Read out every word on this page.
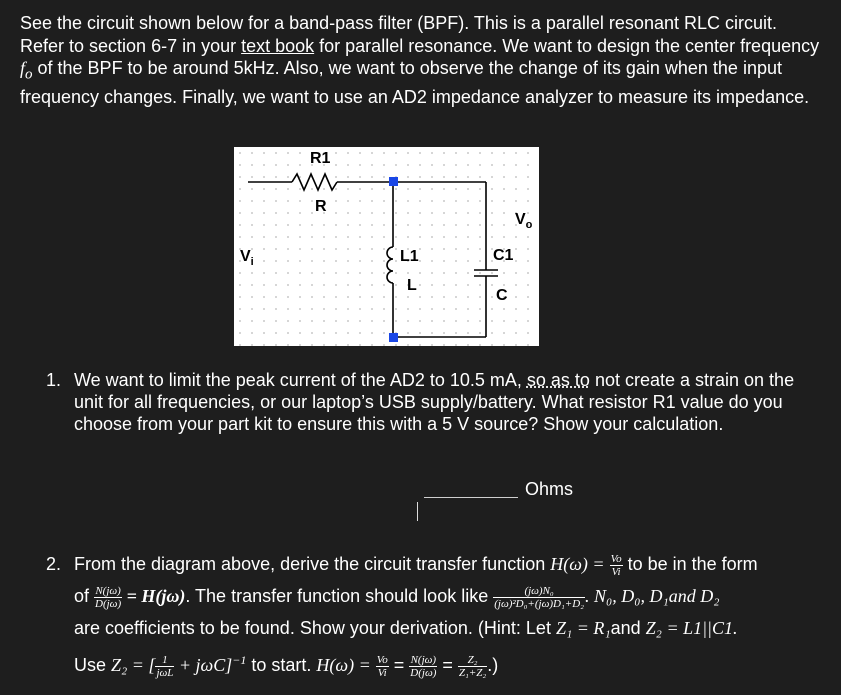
See the circuit shown below for a band-pass filter (BPF). This is a parallel resonant RLC circuit. Refer to section 6-7 in your text book for parallel resonance. We want to design the center frequency $f_o$ of the BPF to be around 5kHz. Also, we want to observe the change of its gain when the input frequency changes. Finally, we want to use an AD2 impedance analyzer to measure its impedance.

R1
R
L1
L
C1
C
$V_i$
$V_o$
1. We want to limit the peak current of the AD2 to 10.5 mA, so as to not create a strain on the unit for all frequencies, or our laptop’s USB supply/battery. What resistor R1 value do you choose from your part kit to ensure this with a 5 V source? Show your calculation.
Ohms
2. From the diagram above, derive the circuit transfer function $H(\omega) = \frac{Vo}{Vi}$ to be in the form
of $\frac{N(j\omega)}{D(j\omega)} = H(j\omega)$. The transfer function should look like $\frac{\text{(jω)N₀}}{\text{(jω)²D₀+(jω)D₁+D₂}}$ . N₀, D₀, D₁and D₂
are coefficients to be found. Show your derivation. (Hint: Let Z₁ = R₁and Z₂ = L1||C1.
Use Z₂ = [ $\frac{1}{\text{jωL}} + j\omega C]^{-1}$ to start. $H(\omega) = \frac{Vo}{Vi} = \frac{N(j\omega)}{D(j\omega)} = \frac{\text{Z₂}}{\text{Z₁+Z₂}}$ .)
